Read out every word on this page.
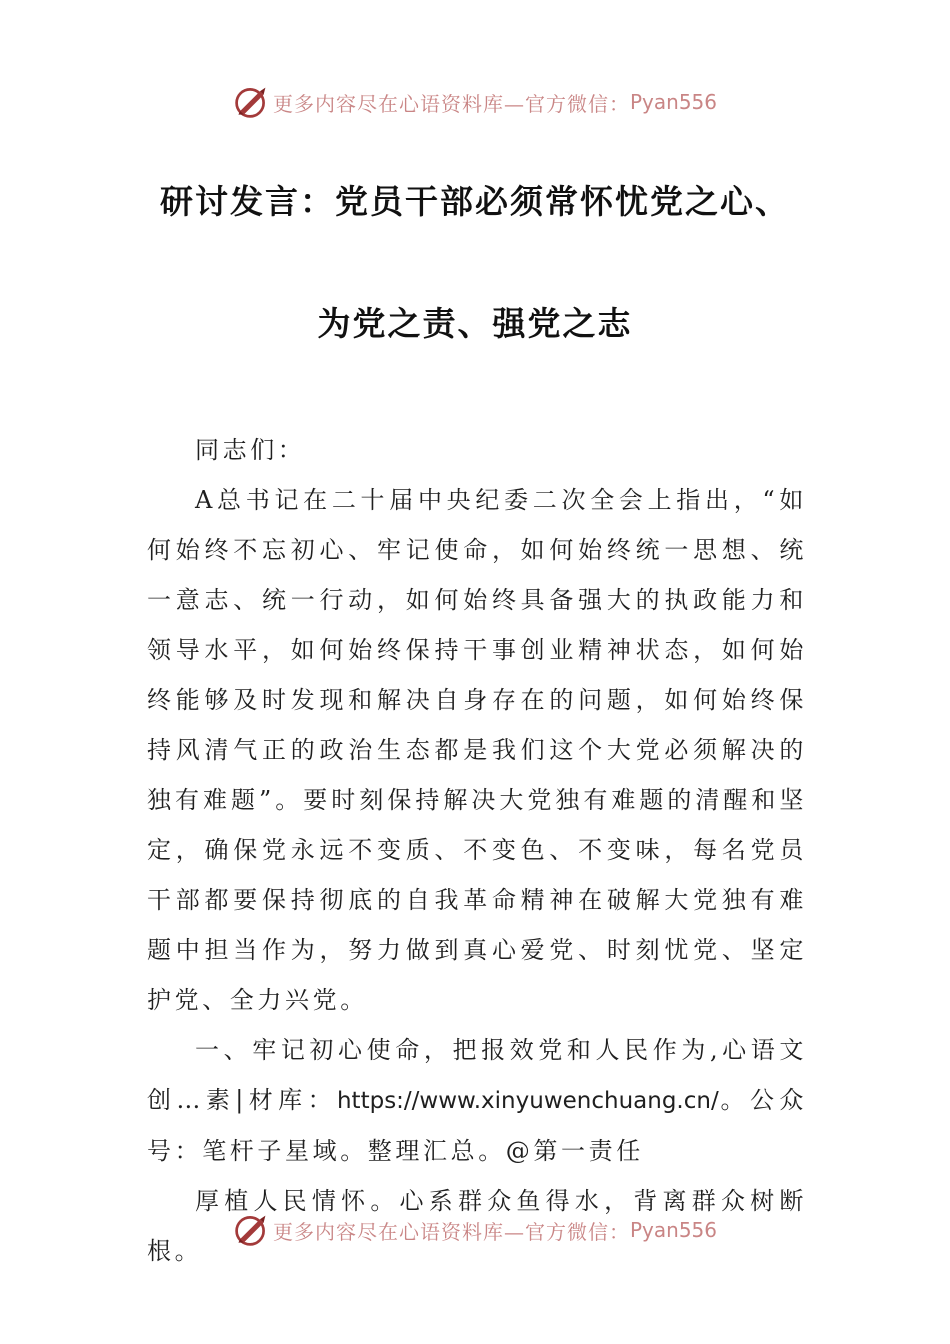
更多内容尽在心语资料库—官方微信： Pyan556
研讨发言：党员干部必须常怀忧党之心、
为党之责、强党之志

同志们：

A总书记在二十届中央纪委二次全会上指出，“如何始终不忘初心、牢记使命，如何始终统一思想、统一意志、统一行动，如何始终具备强大的执政能力和领导水平，如何始终保持干事创业精神状态，如何始终能够及时发现和解决自身存在的问题，如何始终保持风清气正的政治生态都是我们这个大党必须解决的独有难题”。要时刻保持解决大党独有难题的清醒和坚定，确保党永远不变质、不变色、不变味，每名党员干部都要保持彻底的自我革命精神在破解大党独有难题中担当作为，努力做到真心爱党、时刻忧党、坚定护党、全力兴党。

一、牢记初心使命，把报效党和人民作为,心语文创…素|材库：https://www.xinyuwenchuang.cn/。公众号：笔杆子星域。整理汇总。@第一责任

厚植人民情怀。心系群众鱼得水，背离群众树断根。

更多内容尽在心语资料库—官方微信： Pyan556
